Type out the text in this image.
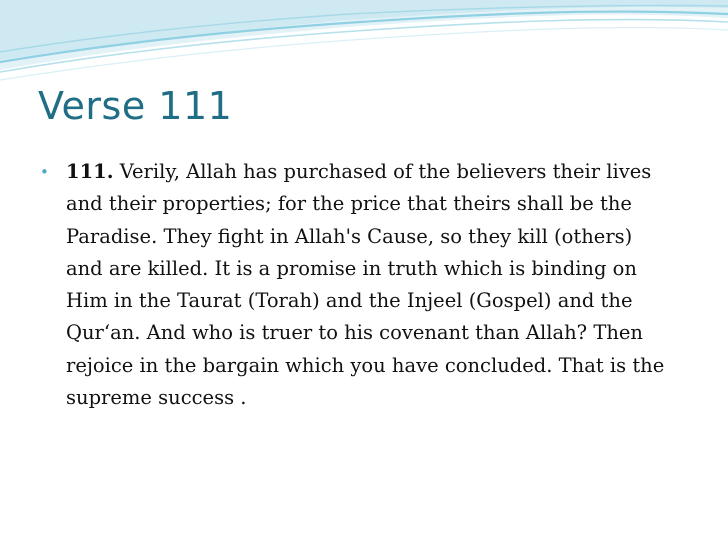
Verse 111
• 111. Verily, Allah has purchased of the believers their lives and their properties; for the price that theirs shall be the Paradise. They fight in Allah's Cause, so they kill (others) and are killed. It is a promise in truth which is binding on Him in the Taurat (Torah) and the Injeel (Gospel) and the Qur‘an. And who is truer to his covenant than Allah? Then rejoice in the bargain which you have concluded. That is the supreme success .
